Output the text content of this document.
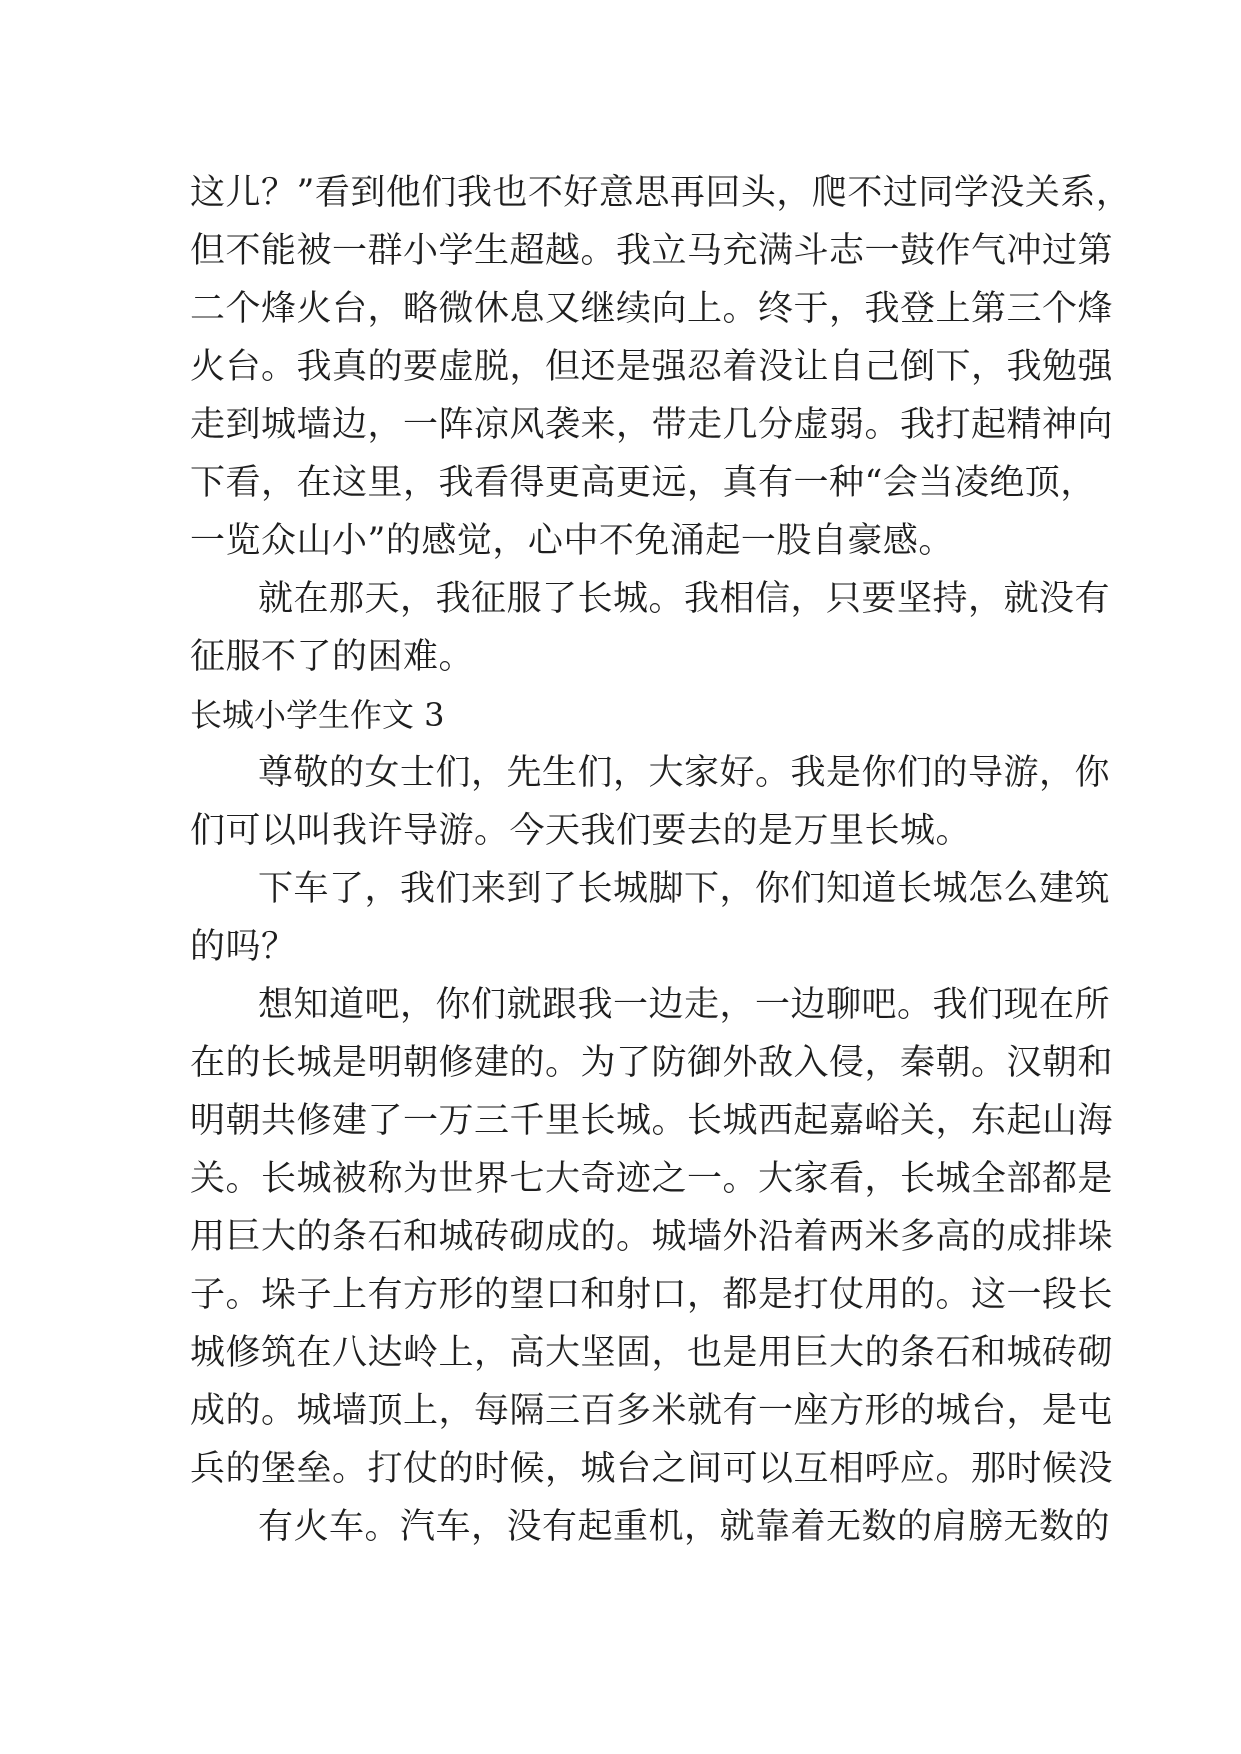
这儿？”看到他们我也不好意思再回头，爬不过同学没关系，
但不能被一群小学生超越。我立马充满斗志一鼓作气冲过第
二个烽火台，略微休息又继续向上。终于，我登上第三个烽
火台。我真的要虚脱，但还是强忍着没让自己倒下，我勉强
走到城墙边，一阵凉风袭来，带走几分虚弱。我打起精神向
下看，在这里，我看得更高更远，真有一种“会当凌绝顶，
一览众山小”的感觉，心中不免涌起一股自豪感。
就在那天，我征服了长城。我相信，只要坚持，就没有
征服不了的困难。
长城小学生作文 3
尊敬的女士们，先生们，大家好。我是你们的导游，你
们可以叫我许导游。今天我们要去的是万里长城。
下车了，我们来到了长城脚下，你们知道长城怎么建筑
的吗？
想知道吧，你们就跟我一边走，一边聊吧。我们现在所
在的长城是明朝修建的。为了防御外敌入侵，秦朝。汉朝和
明朝共修建了一万三千里长城。长城西起嘉峪关，东起山海
关。长城被称为世界七大奇迹之一。大家看，长城全部都是
用巨大的条石和城砖砌成的。城墙外沿着两米多高的成排垛
子。垛子上有方形的望口和射口，都是打仗用的。这一段长
城修筑在八达岭上，高大坚固，也是用巨大的条石和城砖砌
成的。城墙顶上，每隔三百多米就有一座方形的城台，是屯
兵的堡垒。打仗的时候，城台之间可以互相呼应。那时候没
有火车。汽车，没有起重机，就靠着无数的肩膀无数的
